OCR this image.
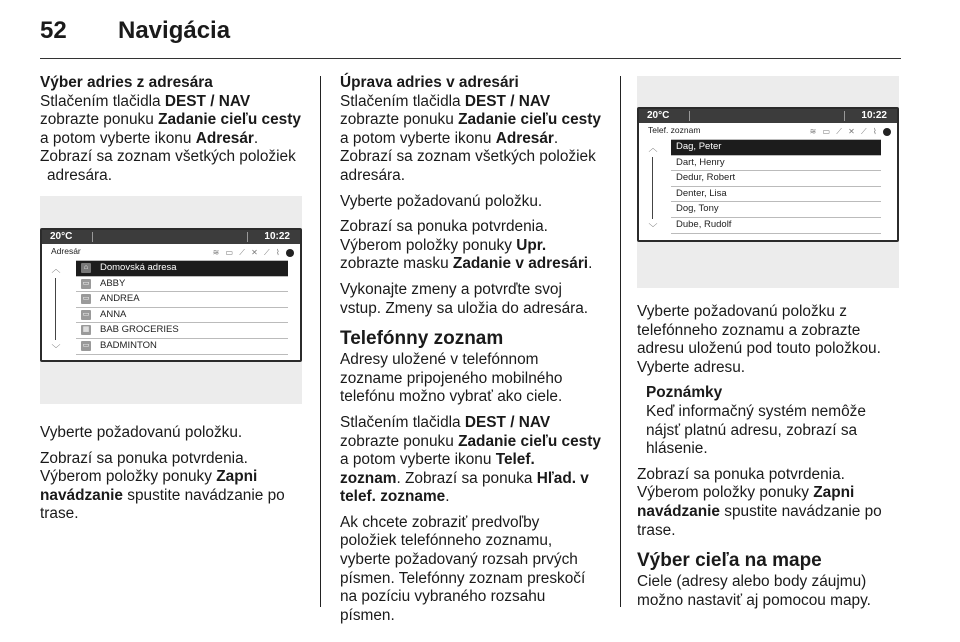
52 Navigácia
Výber adries z adresára

Stlačením tlačidla DEST / NAV
zobrazte ponuku Zadanie cieľu cesty
a potom vyberte ikonu Adresár.
Zobrazí sa zoznam všetkých položiek
adresára.

20°C	10:22
Adresár	≋ ▭ ⟋ ✕ ⟋ ⌇
︿
﹀
⌂	Domovská adresa
▭ ABBY
▭ ANDREA
▭ ANNA
▦ BAB GROCERIES
▭ BADMINTON

Vyberte požadovanú položku.

Zobrazí sa ponuka potvrdenia.
Výberom položky ponuky Zapni
navádzanie spustite navádzanie po
trase.

Úprava adries v adresári

Stlačením tlačidla DEST / NAV
zobrazte ponuku Zadanie cieľu cesty
a potom vyberte ikonu Adresár.
Zobrazí sa zoznam všetkých položiek
adresára.

Vyberte požadovanú položku.

Zobrazí sa ponuka potvrdenia.
Výberom položky ponuky Upr.
zobrazte masku Zadanie v adresári.

Vykonajte zmeny a potvrďte svoj
vstup. Zmeny sa uložia do adresára.

Telefónny zoznam

Adresy uložené v telefónnom
zozname pripojeného mobilného
telefónu možno vybrať ako ciele.

Stlačením tlačidla DEST / NAV
zobrazte ponuku Zadanie cieľu cesty
a potom vyberte ikonu Telef.
zoznam. Zobrazí sa ponuka Hľad. v
telef. zozname.

Ak chcete zobraziť predvoľby
položiek telefónneho zoznamu,
vyberte požadovaný rozsah prvých
písmen. Telefónny zoznam preskočí
na pozíciu vybraného rozsahu
písmen.

20°C	10:22
Telef. zoznam	≋ ▭ ⟋ ✕ ⟋ ⌇
︿
﹀
Dag, Peter
Dart, Henry
Dedur, Robert
Denter, Lisa
Dog, Tony
Dube, Rudolf

Vyberte požadovanú položku z
telefónneho zoznamu a zobrazte
adresu uloženú pod touto položkou.
Vyberte adresu.

Poznámky

Keď informačný systém nemôže
nájsť platnú adresu, zobrazí sa
hlásenie.

Zobrazí sa ponuka potvrdenia.
Výberom položky ponuky Zapni
navádzanie spustite navádzanie po
trase.

Výber cieľa na mape

Ciele (adresy alebo body záujmu)
možno nastaviť aj pomocou mapy.
